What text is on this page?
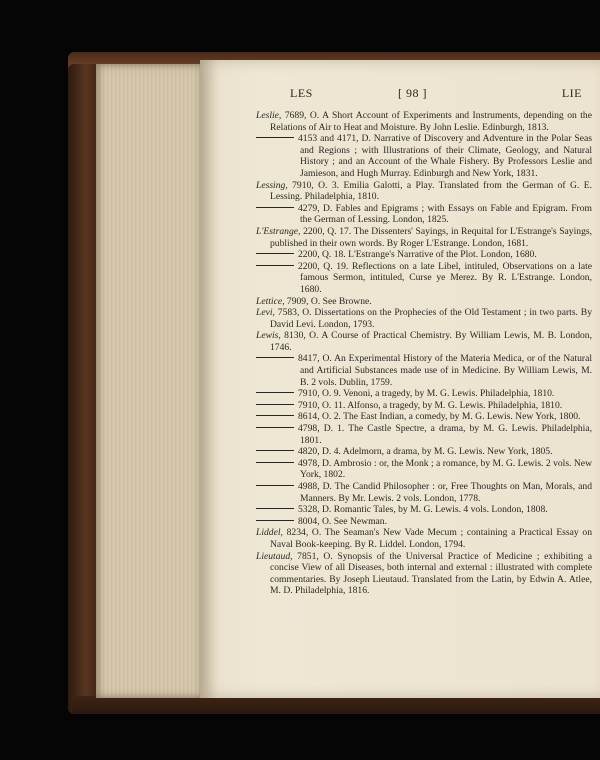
LES	[ 98 ]	LIE

Leslie, 7689, O. A Short Account of Experiments and Instruments, depending on the Relations of Air to Heat and Moisture. By John Leslie. Edinburgh, 1813.

4153 and 4171, D. Narrative of Discovery and Adventure in the Polar Seas and Regions ; with Illustrations of their Climate, Geology, and Natural History ; and an Account of the Whale Fishery. By Professors Leslie and Jamieson, and Hugh Murray. Edinburgh and New York, 1831.

Lessing, 7910, O. 3. Emilia Galotti, a Play. Translated from the German of G. E. Lessing. Philadelphia, 1810.

4279, D. Fables and Epigrams ; with Essays on Fable and Epigram. From the German of Lessing. London, 1825.

L'Estrange, 2200, Q. 17. The Dissenters' Sayings, in Requital for L'Estrange's Sayings, published in their own words. By Roger L'Estrange. London, 1681.

2200, Q. 18. L'Estrange's Narrative of the Plot. London, 1680.

2200, Q. 19. Reflections on a late Libel, intituled, Observations on a late famous Sermon, intituled, Curse ye Merez. By R. L'Estrange. London, 1680.

Lettice, 7909, O. See Browne.

Levi, 7583, O. Dissertations on the Prophecies of the Old Testament ; in two parts. By David Levi. London, 1793.

Lewis, 8130, O. A Course of Practical Chemistry. By William Lewis, M. B. London, 1746.

8417, O. An Experimental History of the Materia Medica, or of the Natural and Artificial Substances made use of in Medicine. By William Lewis, M. B. 2 vols. Dublin, 1759.

7910, O. 9. Venoni, a tragedy, by M. G. Lewis. Philadelphia, 1810.

7910, O. 11. Alfonso, a tragedy, by M. G. Lewis. Philadelphia, 1810.

8614, O. 2. The East Indian, a comedy, by M. G. Lewis. New York, 1800.

4798, D. 1. The Castle Spectre, a drama, by M. G. Lewis. Philadelphia, 1801.

4820, D. 4. Adelmorn, a drama, by M. G. Lewis. New York, 1805.

4978, D. Ambrosio : or, the Monk ; a romance, by M. G. Lewis. 2 vols. New York, 1802.

4988, D. The Candid Philosopher : or, Free Thoughts on Man, Morals, and Manners. By Mr. Lewis. 2 vols. London, 1778.

5328, D. Romantic Tales, by M. G. Lewis. 4 vols. London, 1808.

8004, O. See Newman.

Liddel, 8234, O. The Seaman's New Vade Mecum ; containing a Practical Essay on Naval Book-keeping. By R. Liddel. London, 1794.

Lieutaud, 7851, O. Synopsis of the Universal Practice of Medicine ; exhibiting a concise View of all Diseases, both internal and external : illustrated with complete commentaries. By Joseph Lieutaud. Translated from the Latin, by Edwin A. Atlee, M. D. Philadelphia, 1816.
